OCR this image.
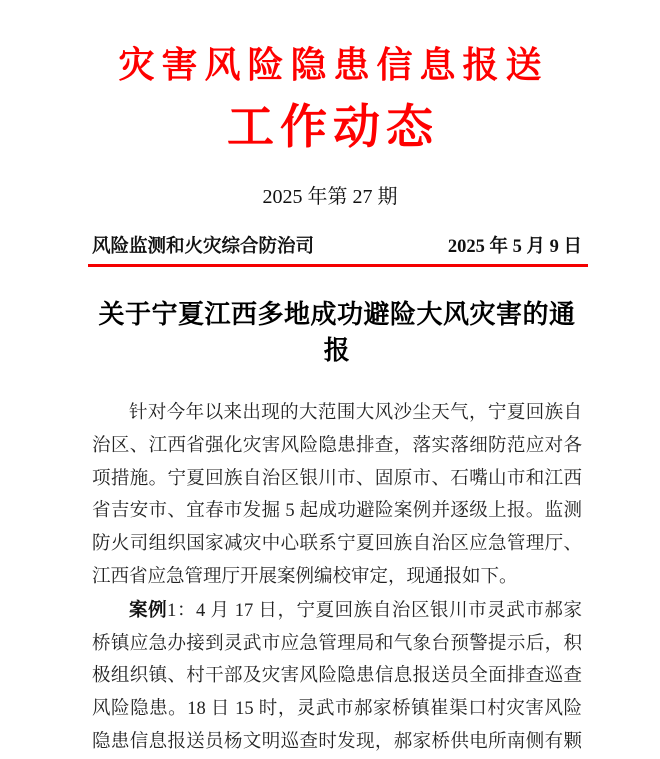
灾害风险隐患信息报送
工作动态
2025 年第 27 期
风险监测和火灾综合防治司	2025 年 5 月 9 日
关于宁夏江西多地成功避险大风灾害的通报
针对今年以来出现的大范围大风沙尘天气，宁夏回族自
治区、江西省强化灾害风险隐患排查，落实落细防范应对各
项措施。宁夏回族自治区银川市、固原市、石嘴山市和江西
省吉安市、宜春市发掘 5 起成功避险案例并逐级上报。监测
防火司组织国家减灾中心联系宁夏回族自治区应急管理厅、
江西省应急管理厅开展案例编校审定，现通报如下。
案例1：4 月 17 日，宁夏回族自治区银川市灵武市郝家
桥镇应急办接到灵武市应急管理局和气象台预警提示后，积
极组织镇、村干部及灾害风险隐患信息报送员全面排查巡查
风险隐患。18 日 15 时，灵武市郝家桥镇崔渠口村灾害风险
隐患信息报送员杨文明巡查时发现，郝家桥供电所南侧有颗
